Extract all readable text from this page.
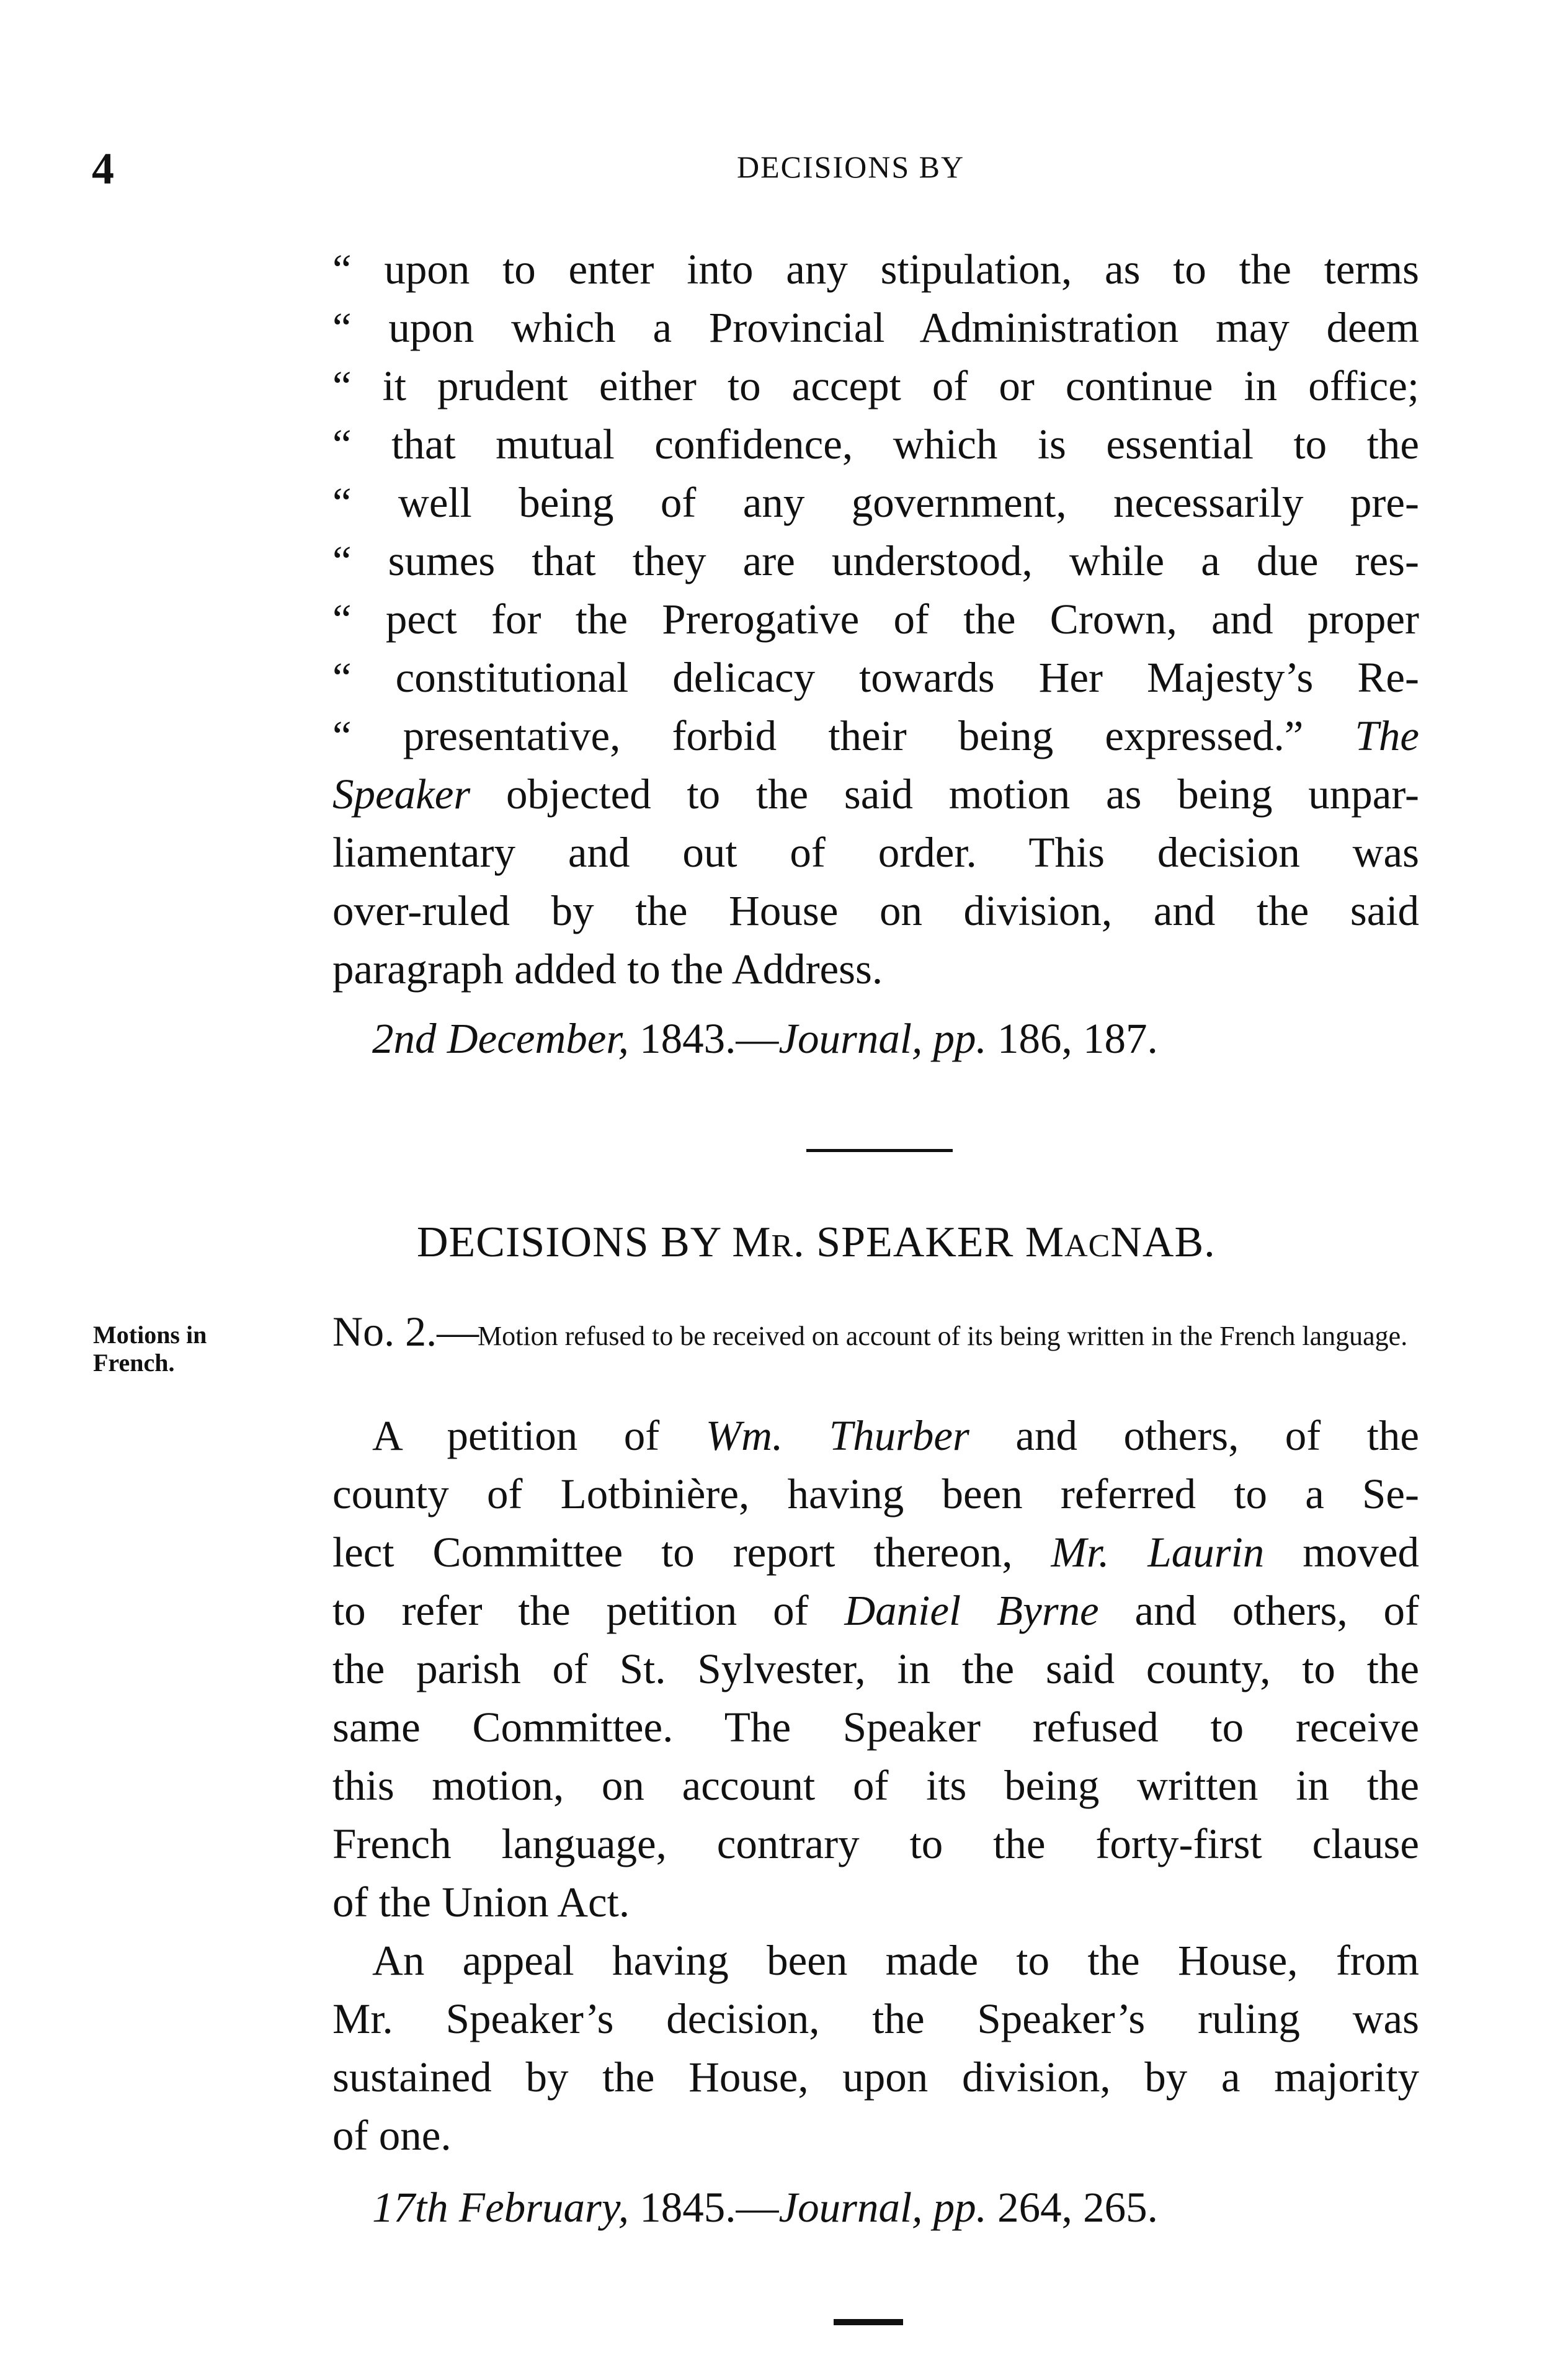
4	DECISIONS BY
“ upon to enter into any stipulation, as to the terms
“ upon which a Provincial Administration may deem
“ it prudent either to accept of or continue in office;
“ that mutual confidence, which is essential to the
“ well being of any government, necessarily pre-
“ sumes that they are understood, while a due res-
“ pect for the Prerogative of the Crown, and proper
“ constitutional delicacy towards Her Majesty’s Re-
“ presentative, forbid their being expressed.” The
Speaker objected to the said motion as being unpar-
liamentary and out of order. This decision was
over-ruled by the House on division, and the said
paragraph added to the Address.
2nd December, 1843.—Journal, pp. 186, 187.
DECISIONS BY MR. SPEAKER MACNAB.
Motions in
French.
No. 2.—
Motion refused to be received on account of its being written in the French language.
A petition of Wm. Thurber and others, of the
county of Lotbinière, having been referred to a Se-
lect Committee to report thereon, Mr. Laurin moved
to refer the petition of Daniel Byrne and others, of
the parish of St. Sylvester, in the said county, to the
same Committee. The Speaker refused to receive
this motion, on account of its being written in the
French language, contrary to the forty-first clause
of the Union Act.
An appeal having been made to the House, from
Mr. Speaker’s decision, the Speaker’s ruling was
sustained by the House, upon division, by a majority
of one.
17th February, 1845.—Journal, pp. 264, 265.
